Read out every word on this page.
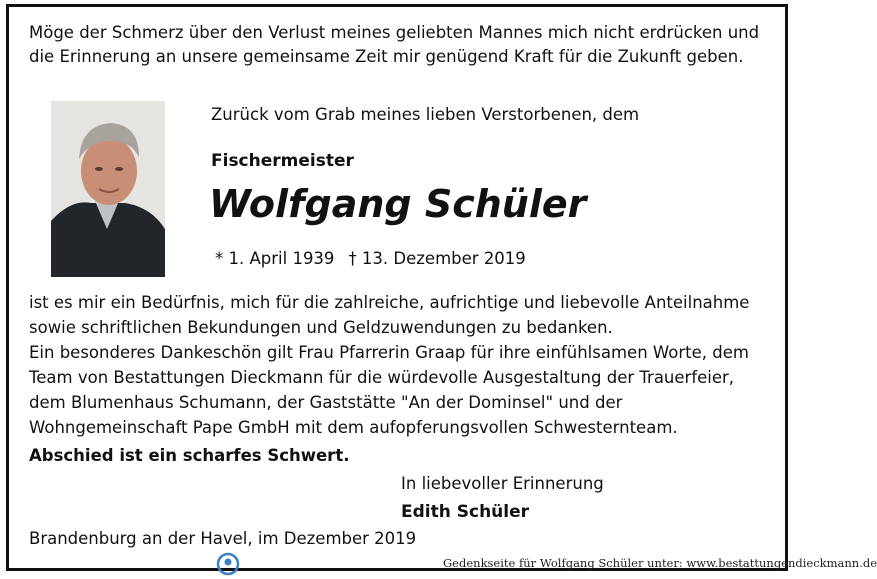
Möge der Schmerz über den Verlust meines geliebten Mannes mich nicht erdrücken und
die Erinnerung an unsere gemeinsame Zeit mir genügend Kraft für die Zukunft geben.
Zurück vom Grab meines lieben Verstorbenen, dem
Fischermeister
Wolfgang Schüler
* 1. April 1939 † 13. Dezember 2019
ist es mir ein Bedürfnis, mich für die zahlreiche, aufrichtige und liebevolle Anteilnahme
sowie schriftlichen Bekundungen und Geldzuwendungen zu bedanken.
Ein besonderes Dankeschön gilt Frau Pfarrerin Graap für ihre einfühlsamen Worte, dem
Team von Bestattungen Dieckmann für die würdevolle Ausgestaltung der Trauerfeier,
dem Blumenhaus Schumann, der Gaststätte "An der Dominsel" und der
Wohngemeinschaft Pape GmbH mit dem aufopferungsvollen Schwesternteam.
Abschied ist ein scharfes Schwert.
In liebevoller Erinnerung
Edith Schüler
Brandenburg an der Havel, im Dezember 2019
Gedenkseite für Wolfgang Schüler unter: www.bestattungendieckmann.de
